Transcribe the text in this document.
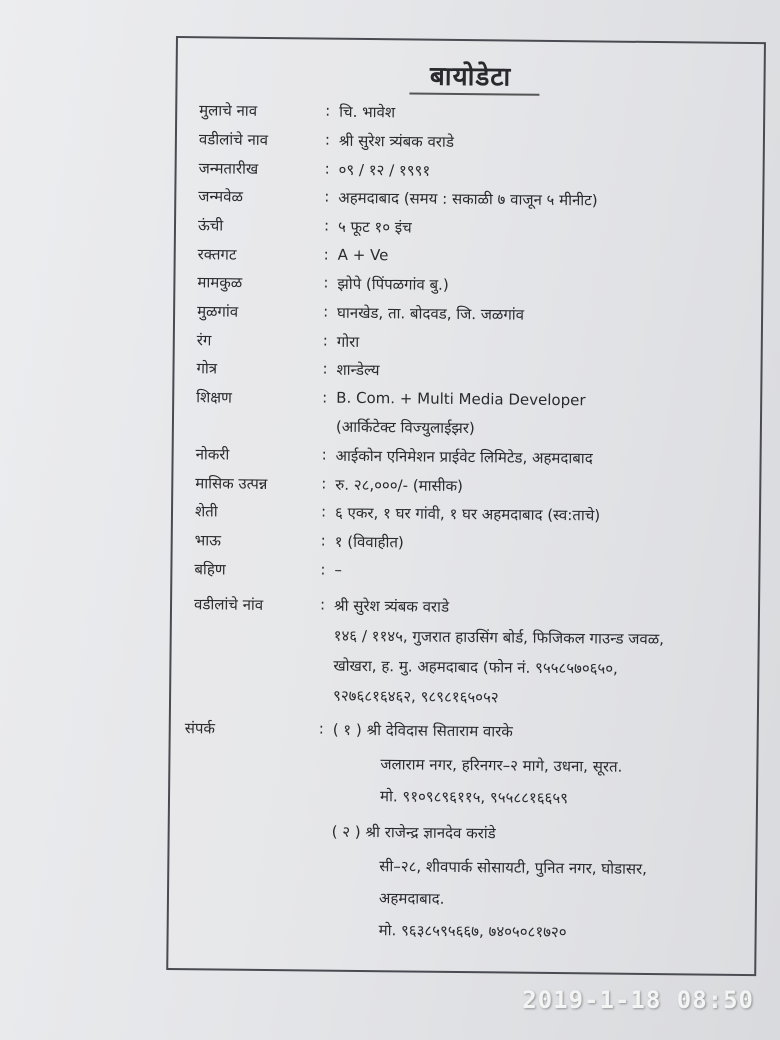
बायोडेटा
मुलाचे नाव	: चि. भावेश
वडीलांचे नाव	: श्री सुरेश त्र्यंबक वराडे
जन्मतारीख	: ०९ / १२ / १९९१
जन्मवेळ	: अहमदाबाद (समय : सकाळी ७ वाजून ५ मीनीट)
ऊंची	: ५ फूट १० इंच
रक्तगट	: A + Ve
मामकुळ	: झोपे (पिंपळगांव बु.)
मुळगांव	: घानखेड, ता. बोदवड, जि. जळगांव
रंग	: गोरा
गोत्र	: शान्डेल्य
शिक्षण	: B. Com. + Multi Media Developer
(आर्किटेक्ट विज्युलाईझर)
नोकरी	: आईकोन एनिमेशन प्राईवेट लिमिटेड, अहमदाबाद
मासिक उत्पन्न	: रु. २८,०००/- (मासीक)
शेती	: ६ एकर, १ घर गांवी, १ घर अहमदाबाद (स्व:ताचे)
भाऊ	: १ (विवाहीत)
बहिण	: –
वडीलांचे नांव	: श्री सुरेश त्र्यंबक वराडे
१४६ / ११४५, गुजरात हाउसिंग बोर्ड, फिजिकल गाउन्ड जवळ,
खोखरा, ह. मु. अहमदाबाद (फोन नं. ९५५८५७०६५०,
९२७६८१६४६२, ९८९८१६५०५२
संपर्क	: ( १ ) श्री देविदास सिताराम वारके
जलाराम नगर, हरिनगर–२ मागे, उधना, सूरत.
मो. ९१०९८९६११५, ९५५८८१६६५९
( २ ) श्री राजेन्द्र ज्ञानदेव करांडे
सी–२८, शीवपार्क सोसायटी, पुनित नगर, घोडासर,
अहमदाबाद.
मो. ९६३८५९५६६७, ७४०५०८१७२०
2019-1-18 08:50
